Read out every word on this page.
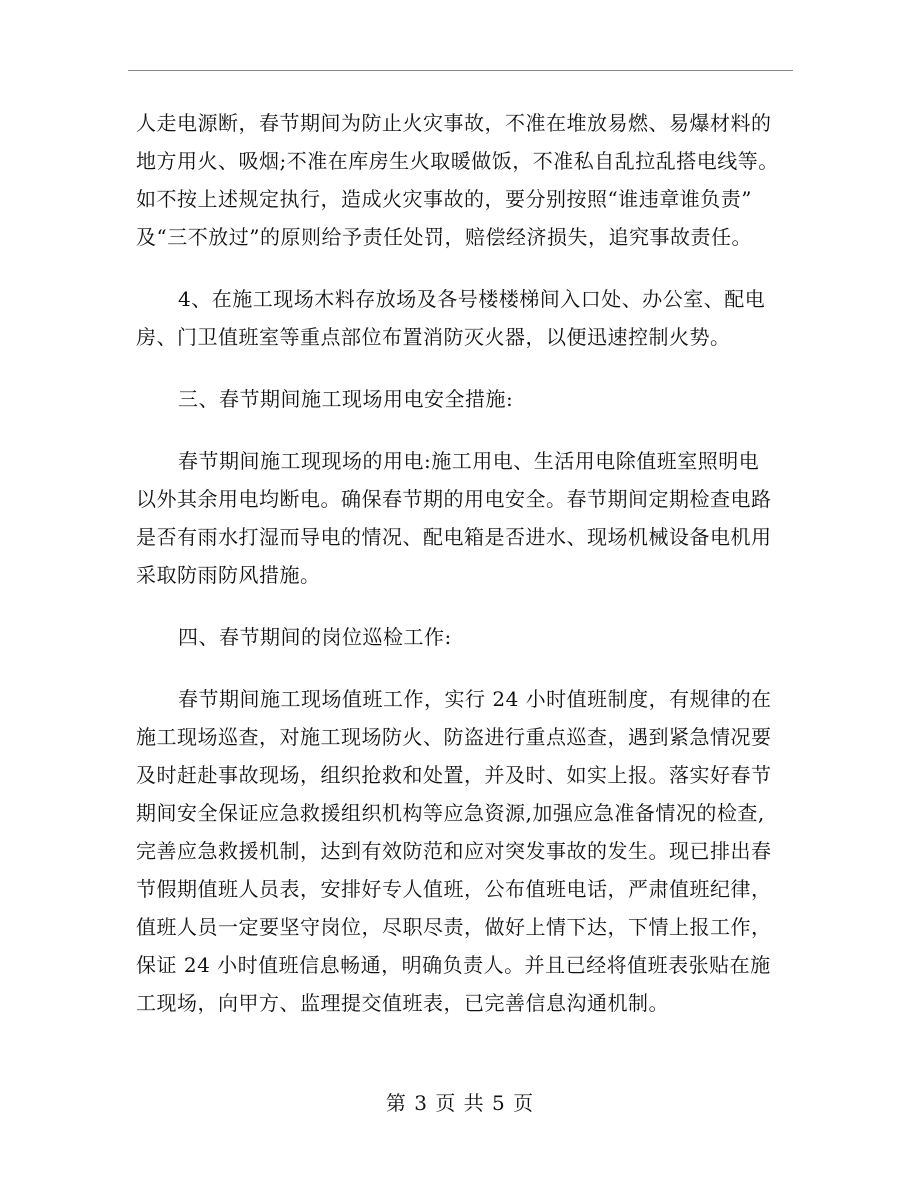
人走电源断，春节期间为防止火灾事故，不准在堆放易燃、易爆材料的
地方用火、吸烟;不准在库房生火取暖做饭，不准私自乱拉乱搭电线等。
如不按上述规定执行，造成火灾事故的，要分别按照“谁违章谁负责”
及“三不放过”的原则给予责任处罚，赔偿经济损失，追究事故责任。

4、在施工现场木料存放场及各号楼楼梯间入口处、办公室、配电
房、门卫值班室等重点部位布置消防灭火器，以便迅速控制火势。

三、春节期间施工现场用电安全措施:

春节期间施工现现场的用电:施工用电、生活用电除值班室照明电
以外其余用电均断电。确保春节期的用电安全。春节期间定期检查电路
是否有雨水打湿而导电的情况、配电箱是否进水、现场机械设备电机用
采取防雨防风措施。

四、春节期间的岗位巡检工作:

春节期间施工现场值班工作，实行 24 小时值班制度，有规律的在
施工现场巡查，对施工现场防火、防盗进行重点巡查，遇到紧急情况要
及时赶赴事故现场，组织抢救和处置，并及时、如实上报。落实好春节
期间安全保证应急救援组织机构等应急资源,加强应急准备情况的检查,
完善应急救援机制，达到有效防范和应对突发事故的发生。现已排出春
节假期值班人员表，安排好专人值班，公布值班电话，严肃值班纪律，
值班人员一定要坚守岗位，尽职尽责，做好上情下达，下情上报工作，
保证 24 小时值班信息畅通，明确负责人。并且已经将值班表张贴在施
工现场，向甲方、监理提交值班表，已完善信息沟通机制。

第 3 页 共 5 页
